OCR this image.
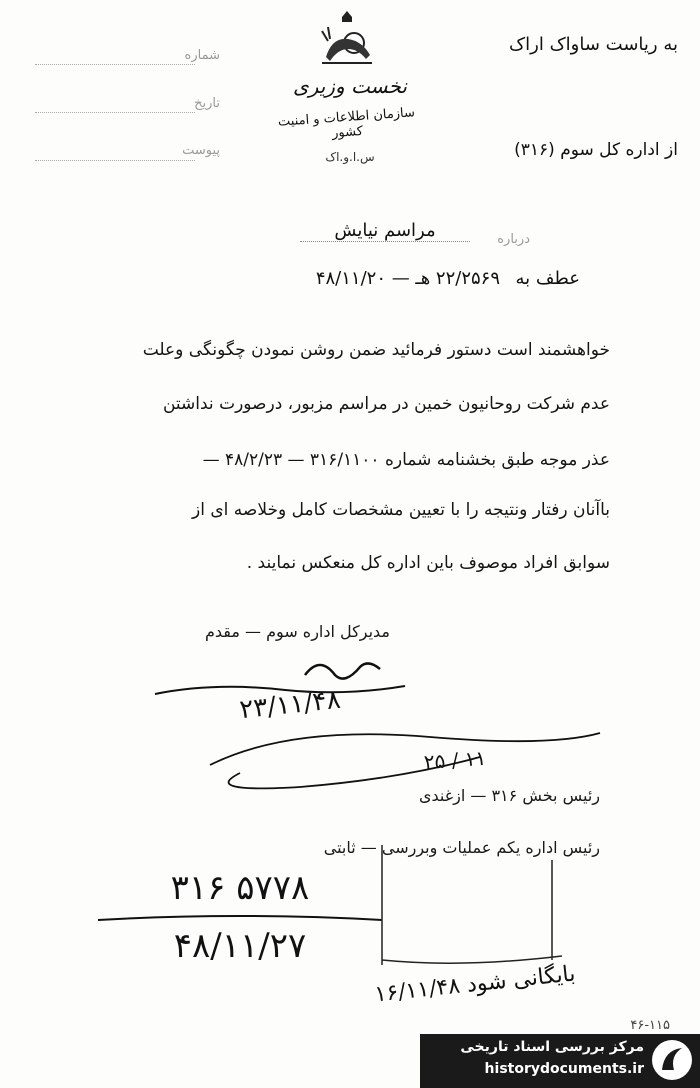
شماره
تاریخ
پیوست
نخست وزیری
سازمان اطلاعات و امنیت کشور
س.ا.و.اک
به ریاست ساواک اراک
از اداره کل سوم (۳۱۶)
درباره
مراسم نیایش
عطف به
۲۲/۲۵۶۹ هـ — ۴۸/۱۱/۲۰
خواهشمند است دستور فرمائید ضمن روشن نمودن چگونگی وعلت
عدم شرکت روحانیون خمین در مراسم مزبور، درصورت نداشتن
عذر موجه طبق بخشنامه شماره ۳۱۶/۱۱۰۰ — ۴۸/۲/۲۳ —
باآنان رفتار ونتیجه را با تعیین مشخصات کامل وخلاصه ای از
سوابق افراد موصوف باین اداره کل منعکس نمایند .
مدیرکل اداره سوم — مقدم
۲۳/۱۱/۴۸
۲۵ / ۱۱
رئیس بخش ۳۱۶ — ازغندی
رئیس اداره یکم عملیات وبررسی — ثابتی
۳۱۶ ۵۷۷۸
۴۸/۱۱/۲۷
بایگانی شود ۱۶/۱۱/۴۸
۴۶-۱۱۵
مرکز بررسی اسناد تاریخی
historydocuments.ir
